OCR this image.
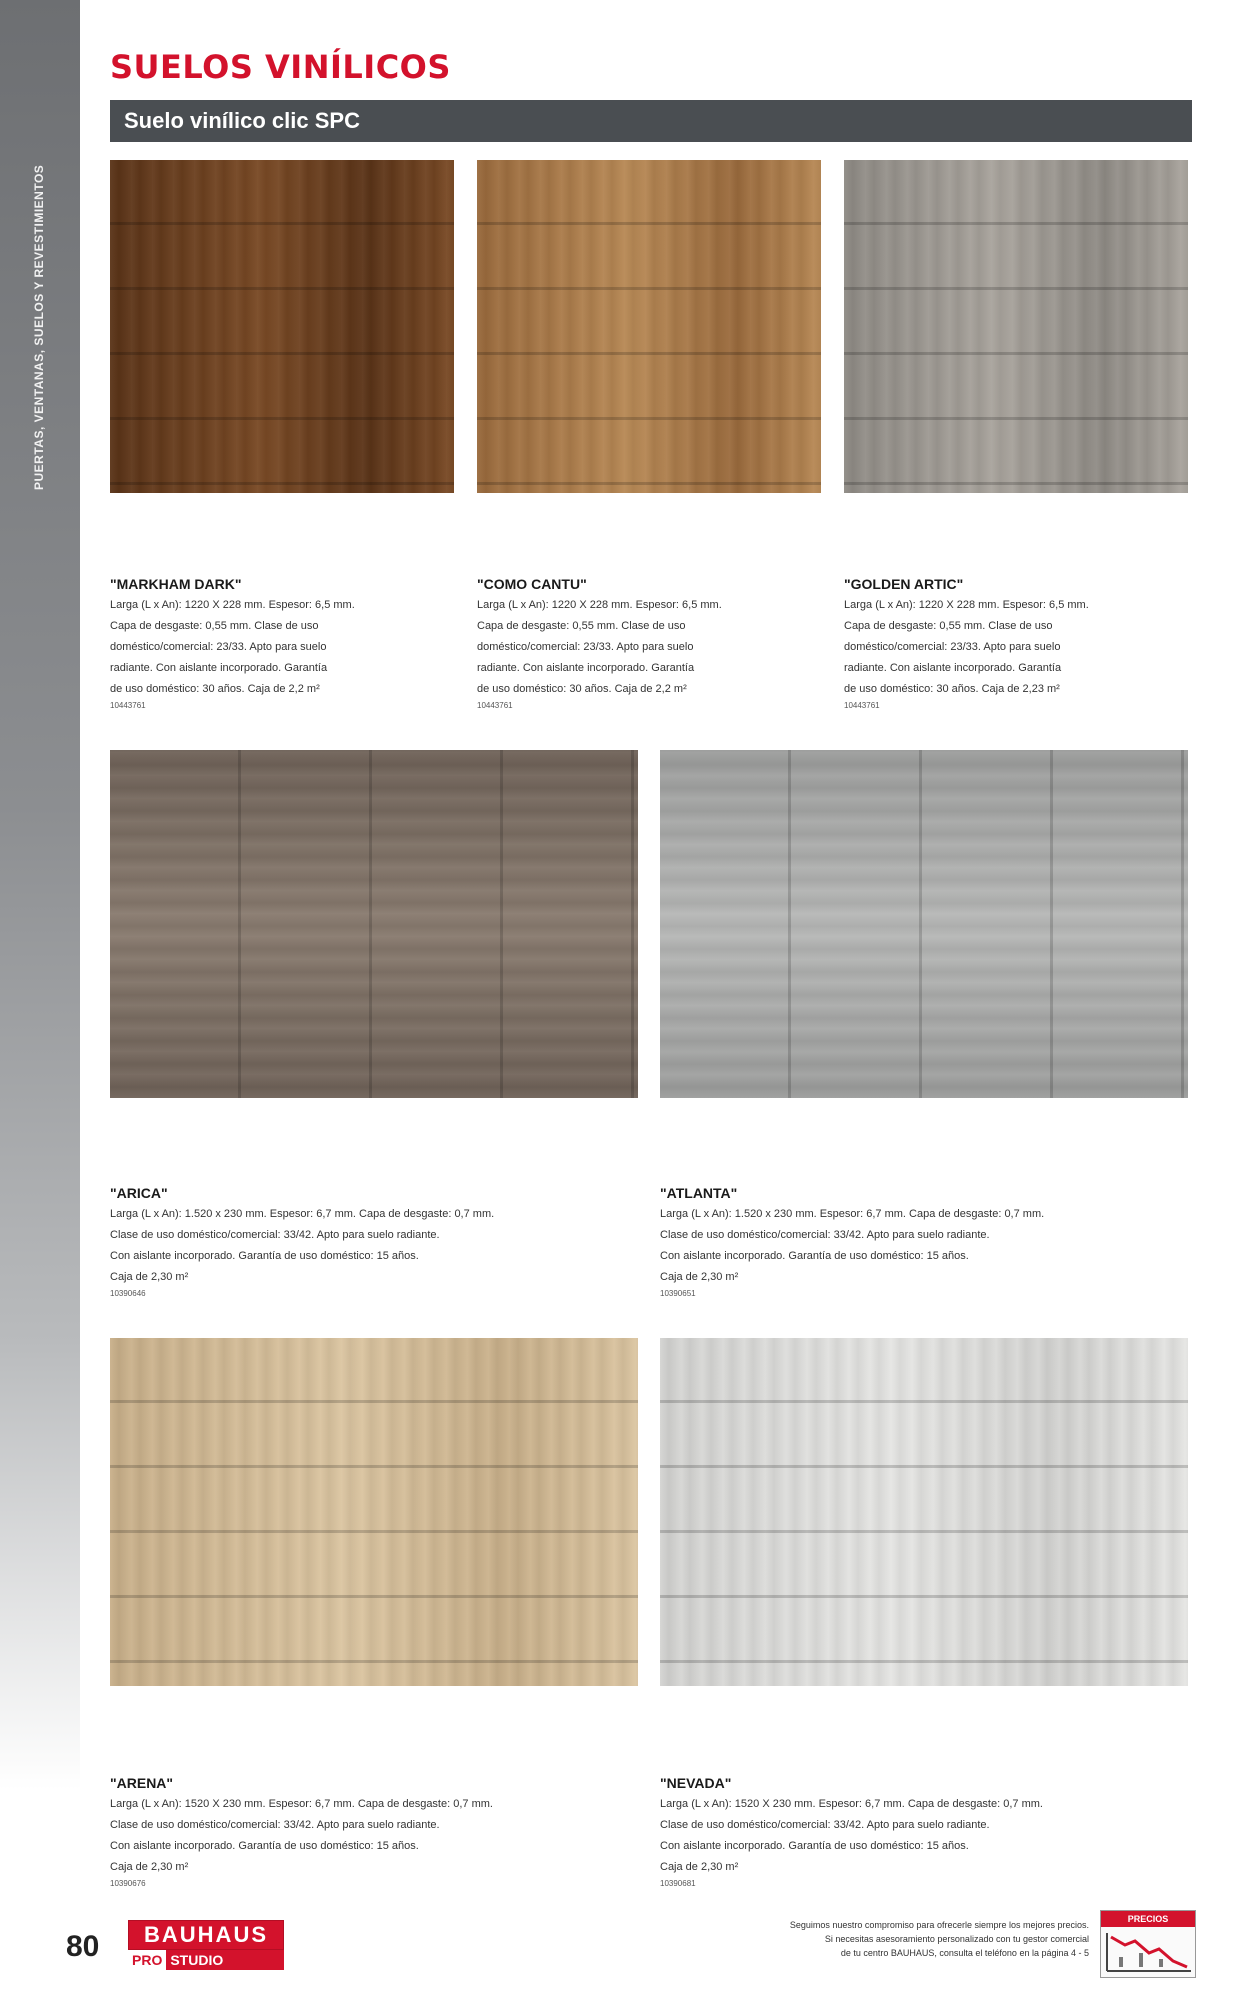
PUERTAS, VENTANAS, SUELOS Y REVESTIMIENTOS
SUELOS VINÍLICOS
Suelo vinílico clic SPC
"MARKHAM DARK"
Larga (L x An): 1220 X 228 mm. Espesor: 6,5 mm.
Capa de desgaste: 0,55 mm. Clase de uso
doméstico/comercial: 23/33. Apto para suelo
radiante. Con aislante incorporado. Garantía
de uso doméstico: 30 años. Caja de 2,2 m²
10443761
"COMO CANTU"
Larga (L x An): 1220 X 228 mm. Espesor: 6,5 mm.
Capa de desgaste: 0,55 mm. Clase de uso
doméstico/comercial: 23/33. Apto para suelo
radiante. Con aislante incorporado. Garantía
de uso doméstico: 30 años. Caja de 2,2 m²
10443761
"GOLDEN ARTIC"
Larga (L x An): 1220 X 228 mm. Espesor: 6,5 mm.
Capa de desgaste: 0,55 mm. Clase de uso
doméstico/comercial: 23/33. Apto para suelo
radiante. Con aislante incorporado. Garantía
de uso doméstico: 30 años. Caja de 2,23 m²
10443761
"ARICA"
Larga (L x An): 1.520 x 230 mm. Espesor: 6,7 mm. Capa de desgaste: 0,7 mm.
Clase de uso doméstico/comercial: 33/42. Apto para suelo radiante.
Con aislante incorporado. Garantía de uso doméstico: 15 años.
Caja de 2,30 m²
10390646
"ATLANTA"
Larga (L x An): 1.520 x 230 mm. Espesor: 6,7 mm. Capa de desgaste: 0,7 mm.
Clase de uso doméstico/comercial: 33/42. Apto para suelo radiante.
Con aislante incorporado. Garantía de uso doméstico: 15 años.
Caja de 2,30 m²
10390651
"ARENA"
Larga (L x An): 1520 X 230 mm. Espesor: 6,7 mm. Capa de desgaste: 0,7 mm.
Clase de uso doméstico/comercial: 33/42. Apto para suelo radiante.
Con aislante incorporado. Garantía de uso doméstico: 15 años.
Caja de 2,30 m²
10390676
"NEVADA"
Larga (L x An): 1520 X 230 mm. Espesor: 6,7 mm. Capa de desgaste: 0,7 mm.
Clase de uso doméstico/comercial: 33/42. Apto para suelo radiante.
Con aislante incorporado. Garantía de uso doméstico: 15 años.
Caja de 2,30 m²
10390681
80	BAUHAUS
PRO STUDIO
Seguimos nuestro compromiso para ofrecerle siempre los mejores precios.
Si necesitas asesoramiento personalizado con tu gestor comercial
de tu centro BAUHAUS, consulta el teléfono en la página 4 - 5
PRECIOS
